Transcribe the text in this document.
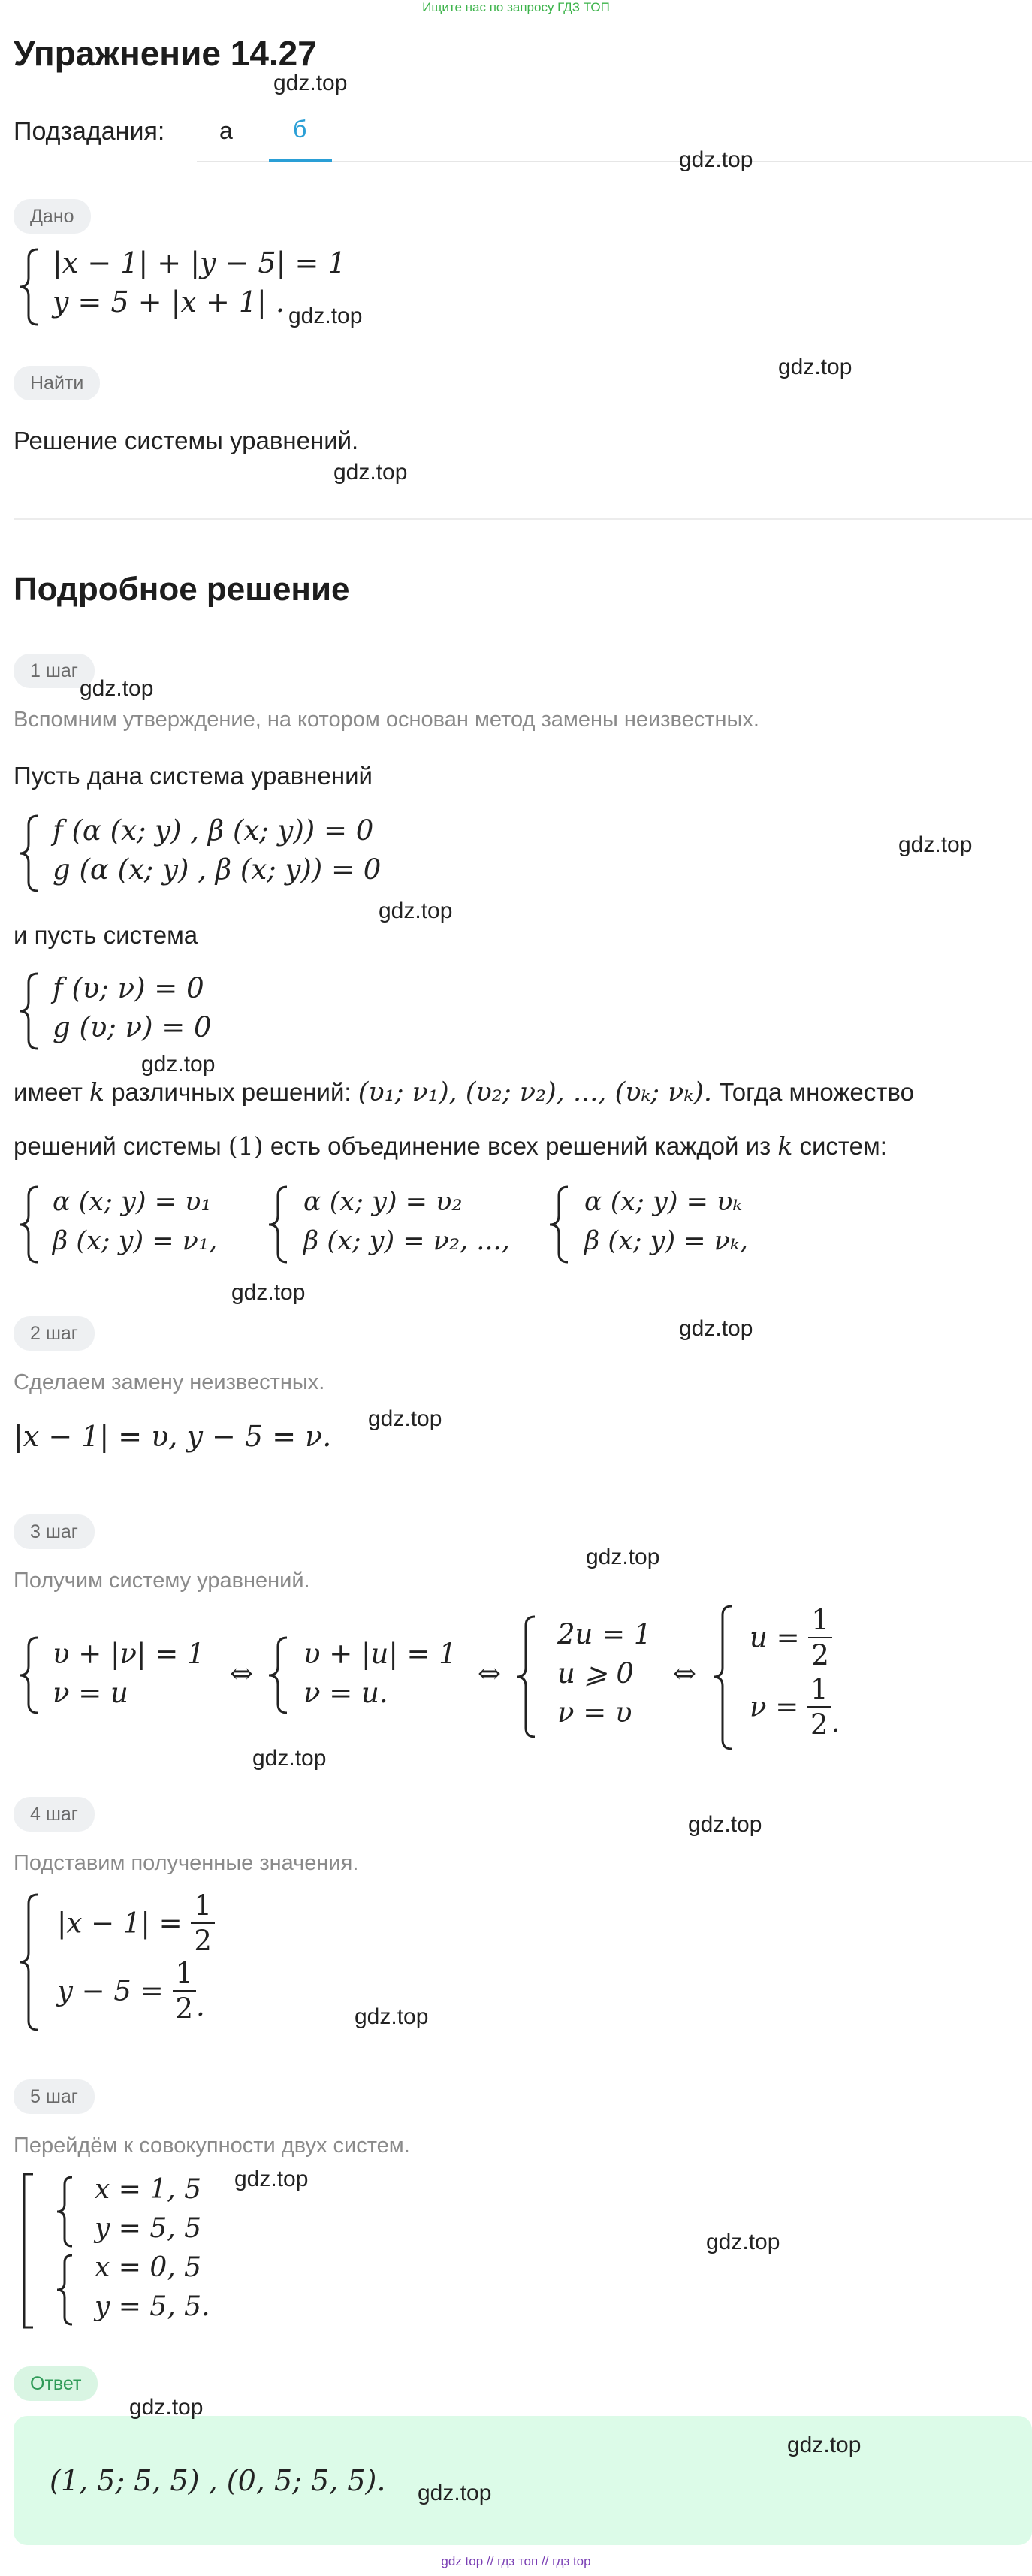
Ищите нас по запросу ГДЗ ТОП
Упражнение 14.27
Подзадания: а	б
Дано
|x − 1| + |y − 5| = 1
y = 5 + |x + 1| .
Найти
Решение системы уравнений.
Подробное решение
1 шаг
Вспомним утверждение, на котором основан метод замены неизвестных.
Пусть дана система уравнений
f (α (x; y) , β (x; y)) = 0
g (α (x; y) , β (x; y)) = 0
и пусть система
f (υ; ν) = 0
g (υ; ν) = 0
имеет k различных решений: (υ₁; ν₁), (υ₂; ν₂), ..., (υₖ; νₖ). Тогда множество
решений системы (1) есть объединение всех решений каждой из k систем:
α (x; y) = υ₁
β (x; y) = ν₁,
α (x; y) = υ₂
β (x; y) = ν₂, ...,
α (x; y) = υₖ
β (x; y) = νₖ,
2 шаг
Сделаем замену неизвестных.
|x − 1| = υ, y − 5 = ν.
3 шаг
Получим систему уравнений.
υ + |ν| = 1
ν = u
⇔
υ + |u| = 1
ν = u.
⇔
2u = 1
u ⩾ 0
ν = υ
⇔
$u = \frac{1}{2}$
$\nu = \frac{1}{2}$ .
4 шаг
Подставим полученные значения.
$|x - 1| = \frac{1}{2}$
$y - 5 = \frac{1}{2}$ .
5 шаг
Перейдём к совокупности двух систем.
x = 1, 5
y = 5, 5
x = 0, 5
y = 5, 5.
Ответ
(1, 5; 5, 5) , (0, 5; 5, 5).
gdz top // гдз топ // гдз top
gdz.top
gdz.top
gdz.top
gdz.top
gdz.top
gdz.top
gdz.top
gdz.top
gdz.top
gdz.top
gdz.top
gdz.top
gdz.top
gdz.top
gdz.top
gdz.top
gdz.top
gdz.top
gdz.top
gdz.top
gdz.top
